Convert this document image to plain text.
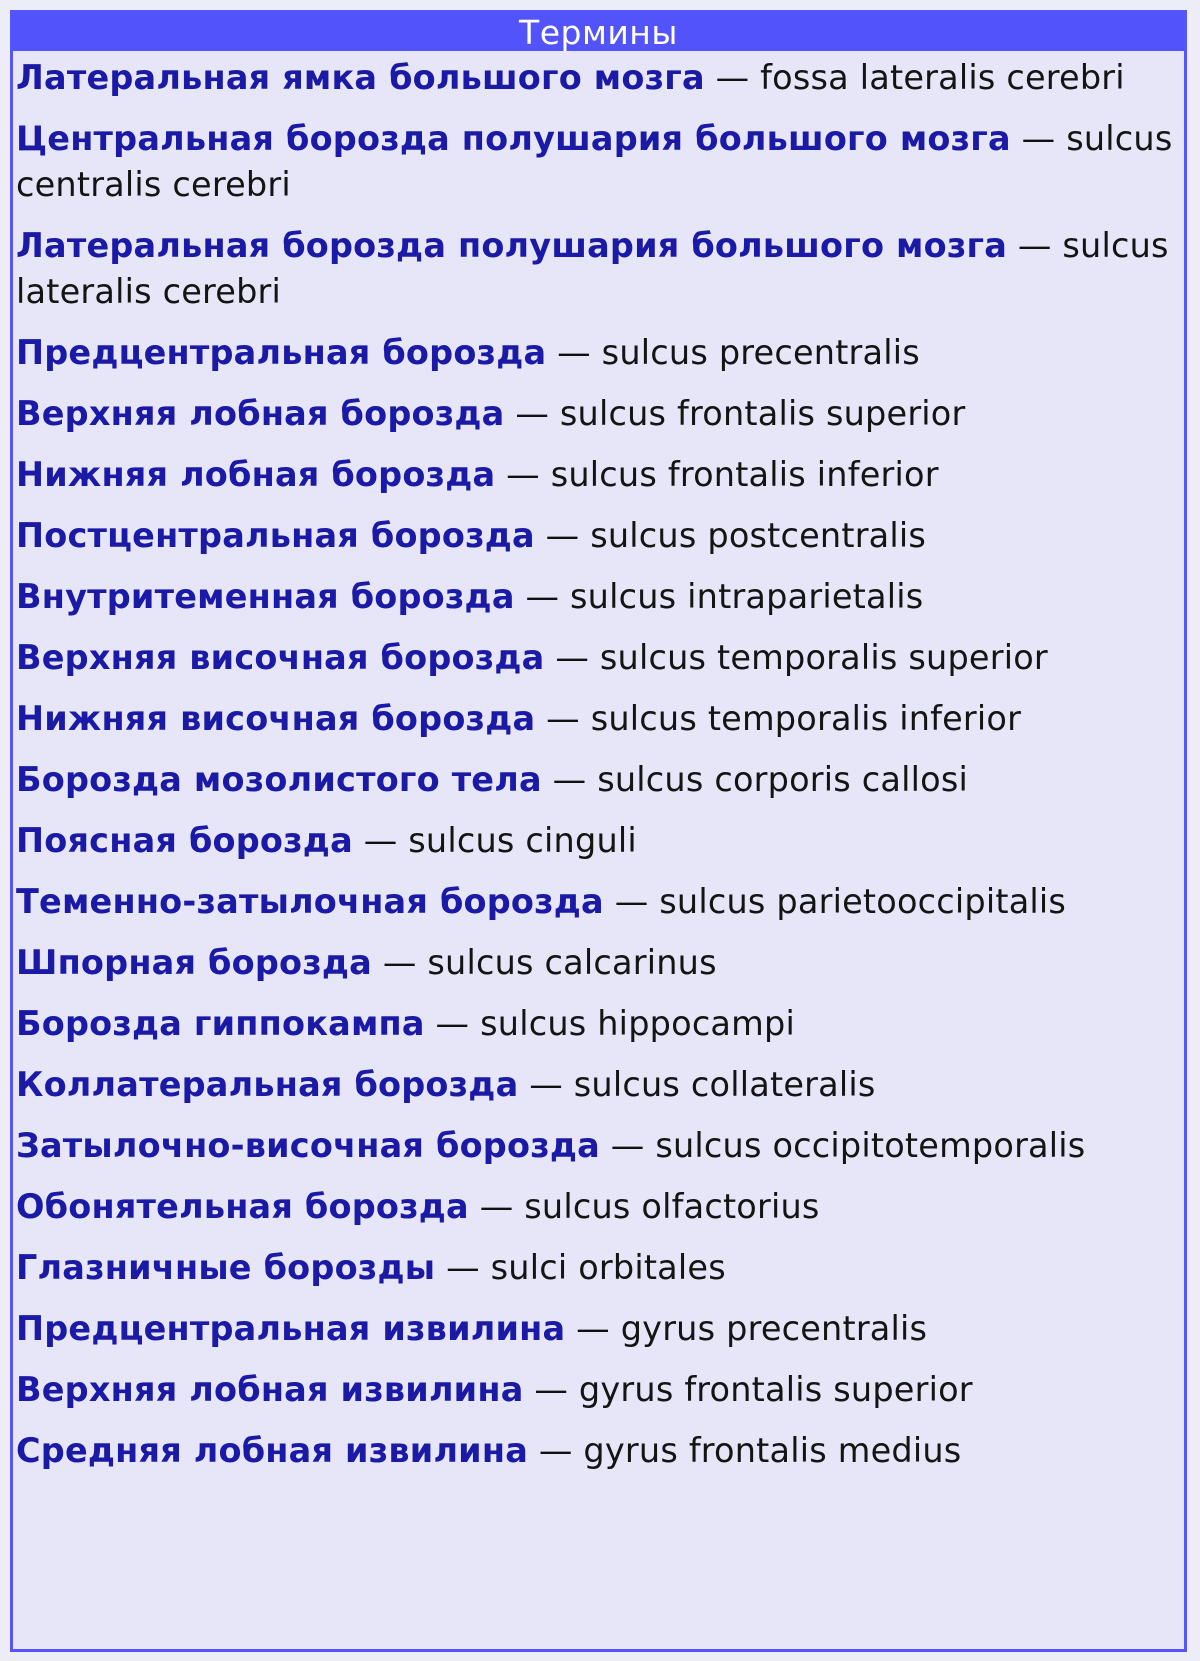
Термины
Латеральная ямка большого мозга — fossa lateralis cerebri
Центральная борозда полушария большого мозга — sulcus centralis cerebri
Латеральная борозда полушария большого мозга — sulcus lateralis cerebri
Предцентральная борозда — sulcus precentralis
Верхняя лобная борозда — sulcus frontalis superior
Нижняя лобная борозда — sulcus frontalis inferior
Постцентральная борозда — sulcus postcentralis
Внутритеменная борозда — sulcus intraparietalis
Верхняя височная борозда — sulcus temporalis superior
Нижняя височная борозда — sulcus temporalis inferior
Борозда мозолистого тела — sulcus corporis callosi
Поясная борозда — sulcus cinguli
Теменно-затылочная борозда — sulcus parietooccipitalis
Шпорная борозда — sulcus calcarinus
Борозда гиппокампа — sulcus hippocampi
Коллатеральная борозда — sulcus collateralis
Затылочно-височная борозда — sulcus occipitotemporalis
Обонятельная борозда — sulcus olfactorius
Глазничные борозды — sulci orbitales
Предцентральная извилина — gyrus precentralis
Верхняя лобная извилина — gyrus frontalis superior
Средняя лобная извилина — gyrus frontalis medius
